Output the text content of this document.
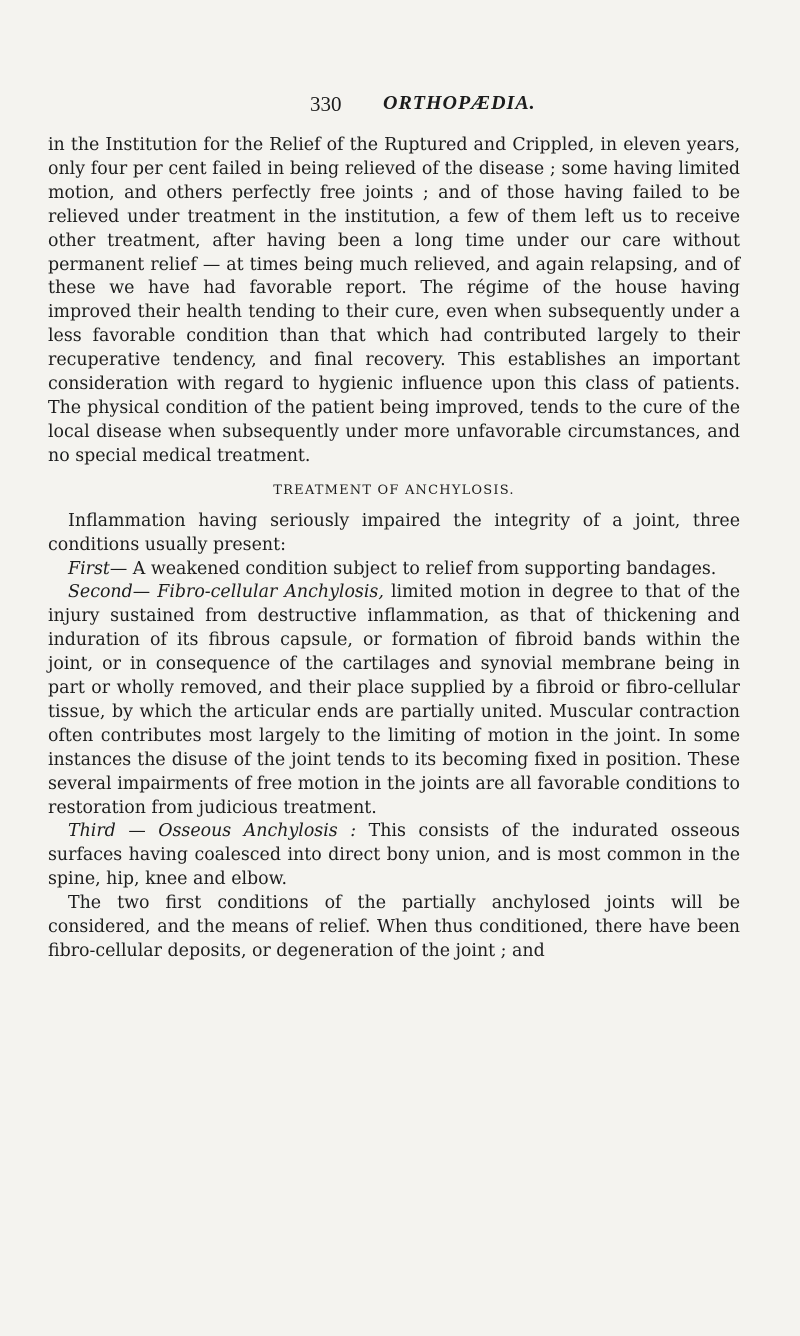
330 ORTHOPÆDIA.

in the Institution for the Relief of the Ruptured and Crippled, in eleven years, only four per cent failed in being relieved of the disease ; some having limited motion, and others perfectly free joints ; and of those having failed to be relieved under treatment in the institution, a few of them left us to receive other treatment, after having been a long time under our care without permanent relief — at times being much relieved, and again relapsing, and of these we have had favorable report. The régime of the house having improved their health tending to their cure, even when subsequently under a less favorable condition than that which had contributed largely to their recuperative tendency, and final recovery. This establishes an important consideration with regard to hygienic influence upon this class of patients. The physical condition of the patient being improved, tends to the cure of the local disease when subsequently under more unfavorable circumstances, and no special medical treatment.

TREATMENT OF ANCHYLOSIS.

Inflammation having seriously impaired the integrity of a joint, three conditions usually present:

First— A weakened condition subject to relief from supporting bandages.

Second— Fibro-cellular Anchylosis, limited motion in degree to that of the injury sustained from destructive inflammation, as that of thickening and induration of its fibrous capsule, or formation of fibroid bands within the joint, or in consequence of the cartilages and synovial membrane being in part or wholly removed, and their place supplied by a fibroid or fibro-cellular tissue, by which the articular ends are partially united. Muscular contraction often contributes most largely to the limiting of motion in the joint. In some instances the disuse of the joint tends to its becoming fixed in position. These several impairments of free motion in the joints are all favorable conditions to restoration from judicious treatment.

Third — Osseous Anchylosis : This consists of the indurated osseous surfaces having coalesced into direct bony union, and is most common in the spine, hip, knee and elbow.

The two first conditions of the partially anchylosed joints will be considered, and the means of relief. When thus conditioned, there have been fibro-cellular deposits, or degeneration of the joint ; and
